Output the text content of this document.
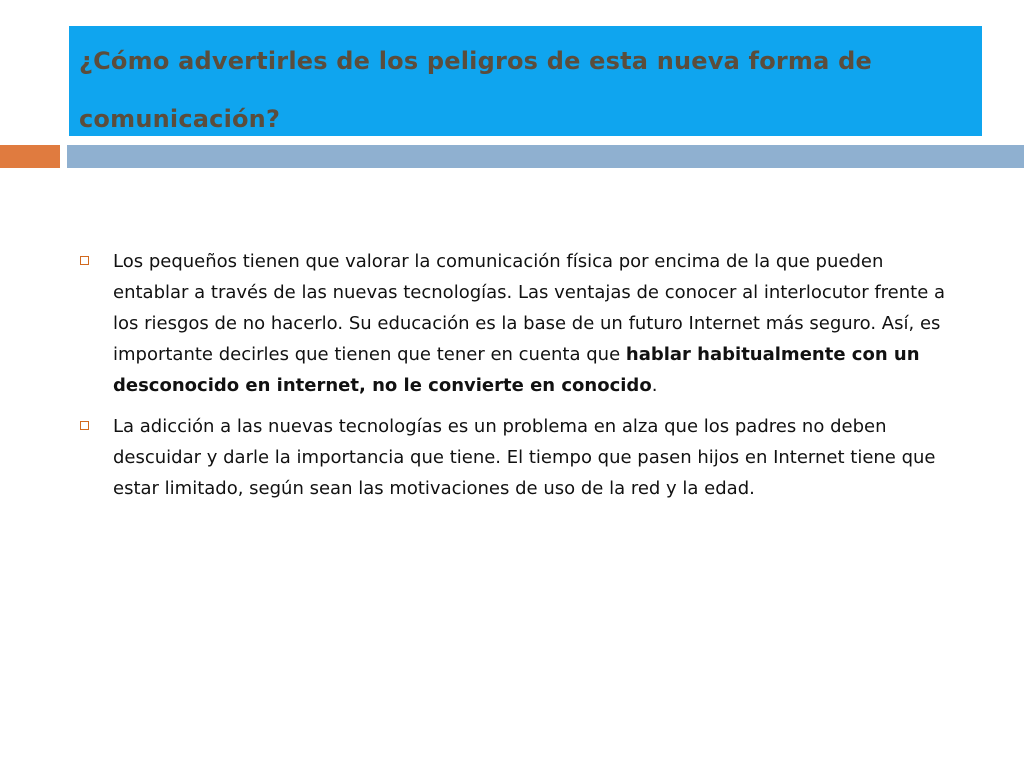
¿Cómo advertirles de los peligros de esta nueva forma de comunicación?

Los pequeños tienen que valorar la comunicación física por encima de la que pueden entablar a través de las nuevas tecnologías. Las ventajas de conocer al interlocutor frente a los riesgos de no hacerlo. Su educación es la base de un futuro Internet más seguro. Así, es importante decirles que tienen que tener en cuenta que hablar habitualmente con un desconocido en internet, no le convierte en conocido.
La adicción a las nuevas tecnologías es un problema en alza que los padres no deben descuidar y darle la importancia que tiene. El tiempo que pasen hijos en Internet tiene que estar limitado, según sean las motivaciones de uso de la red y la edad.
